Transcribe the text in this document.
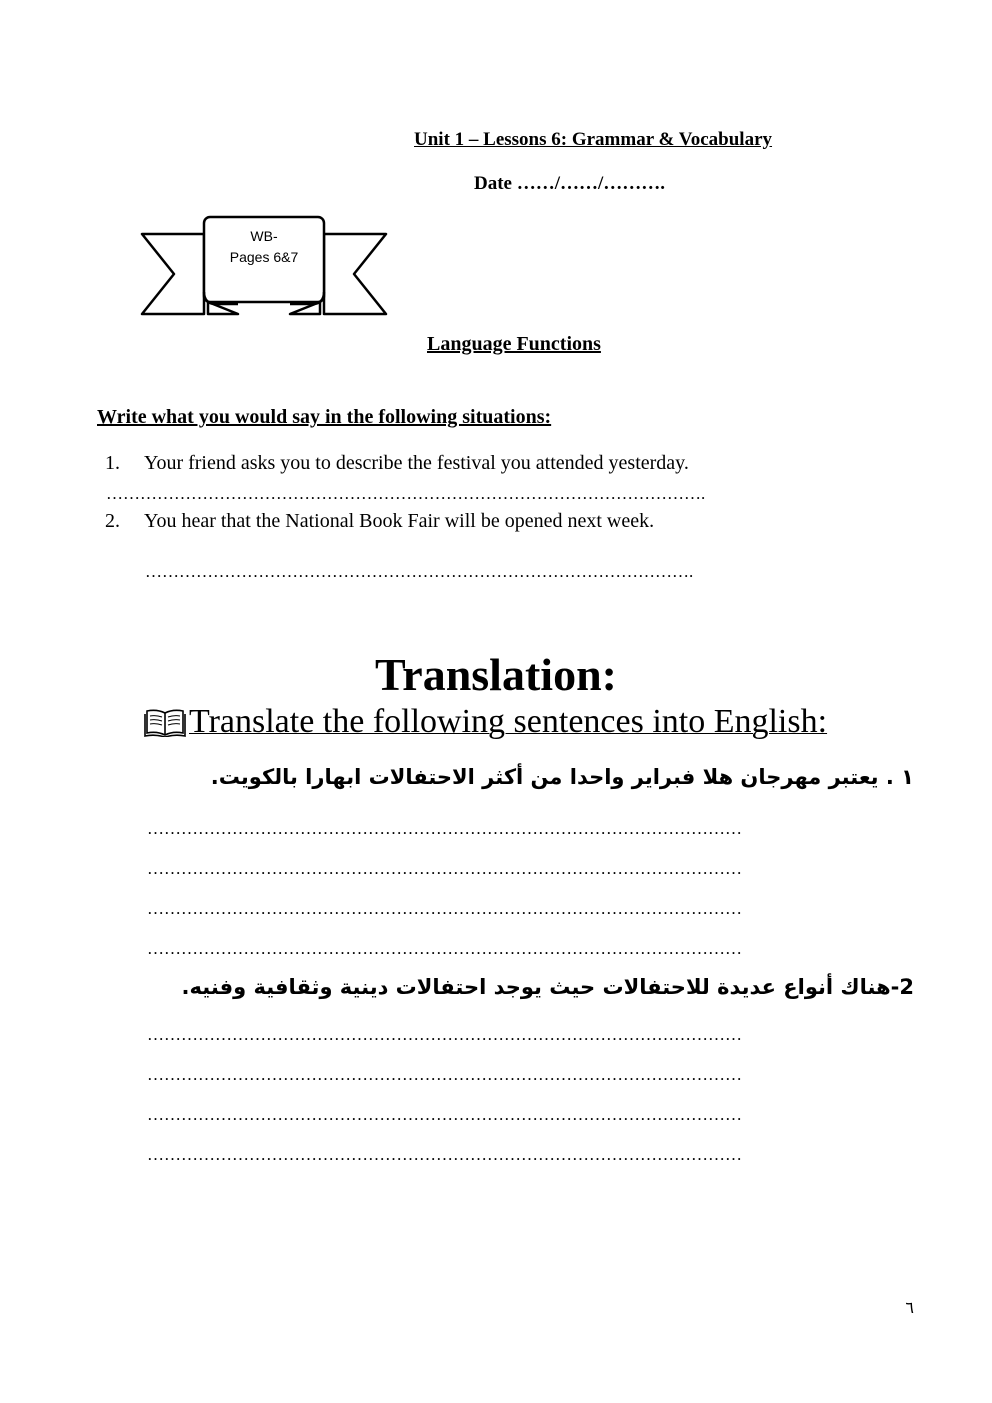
Unit 1 – Lessons 6: Grammar & Vocabulary
Date ……/……/……….
WB-
Pages 6&7
Language Functions
Write what you would say in the following situations:
1. Your friend asks you to describe the festival you attended yesterday.
…………………………………………………………………………………………….
2. You hear that the National Book Fair will be opened next week.
…………………………………………………………………………………….
Translation:
Translate the following sentences into English:
١ . يعتبر مهرجان هلا فبراير واحدا من أكثر الاحتفالات ابهارا بالكويت.
……………………………………………………………………………………………
……………………………………………………………………………………………
……………………………………………………………………………………………
……………………………………………………………………………………………
2-هناك أنواع عديدة للاحتفالات حيث يوجد احتفالات دينية وثقافية وفنيه.
……………………………………………………………………………………………
……………………………………………………………………………………………
……………………………………………………………………………………………
……………………………………………………………………………………………
٦
